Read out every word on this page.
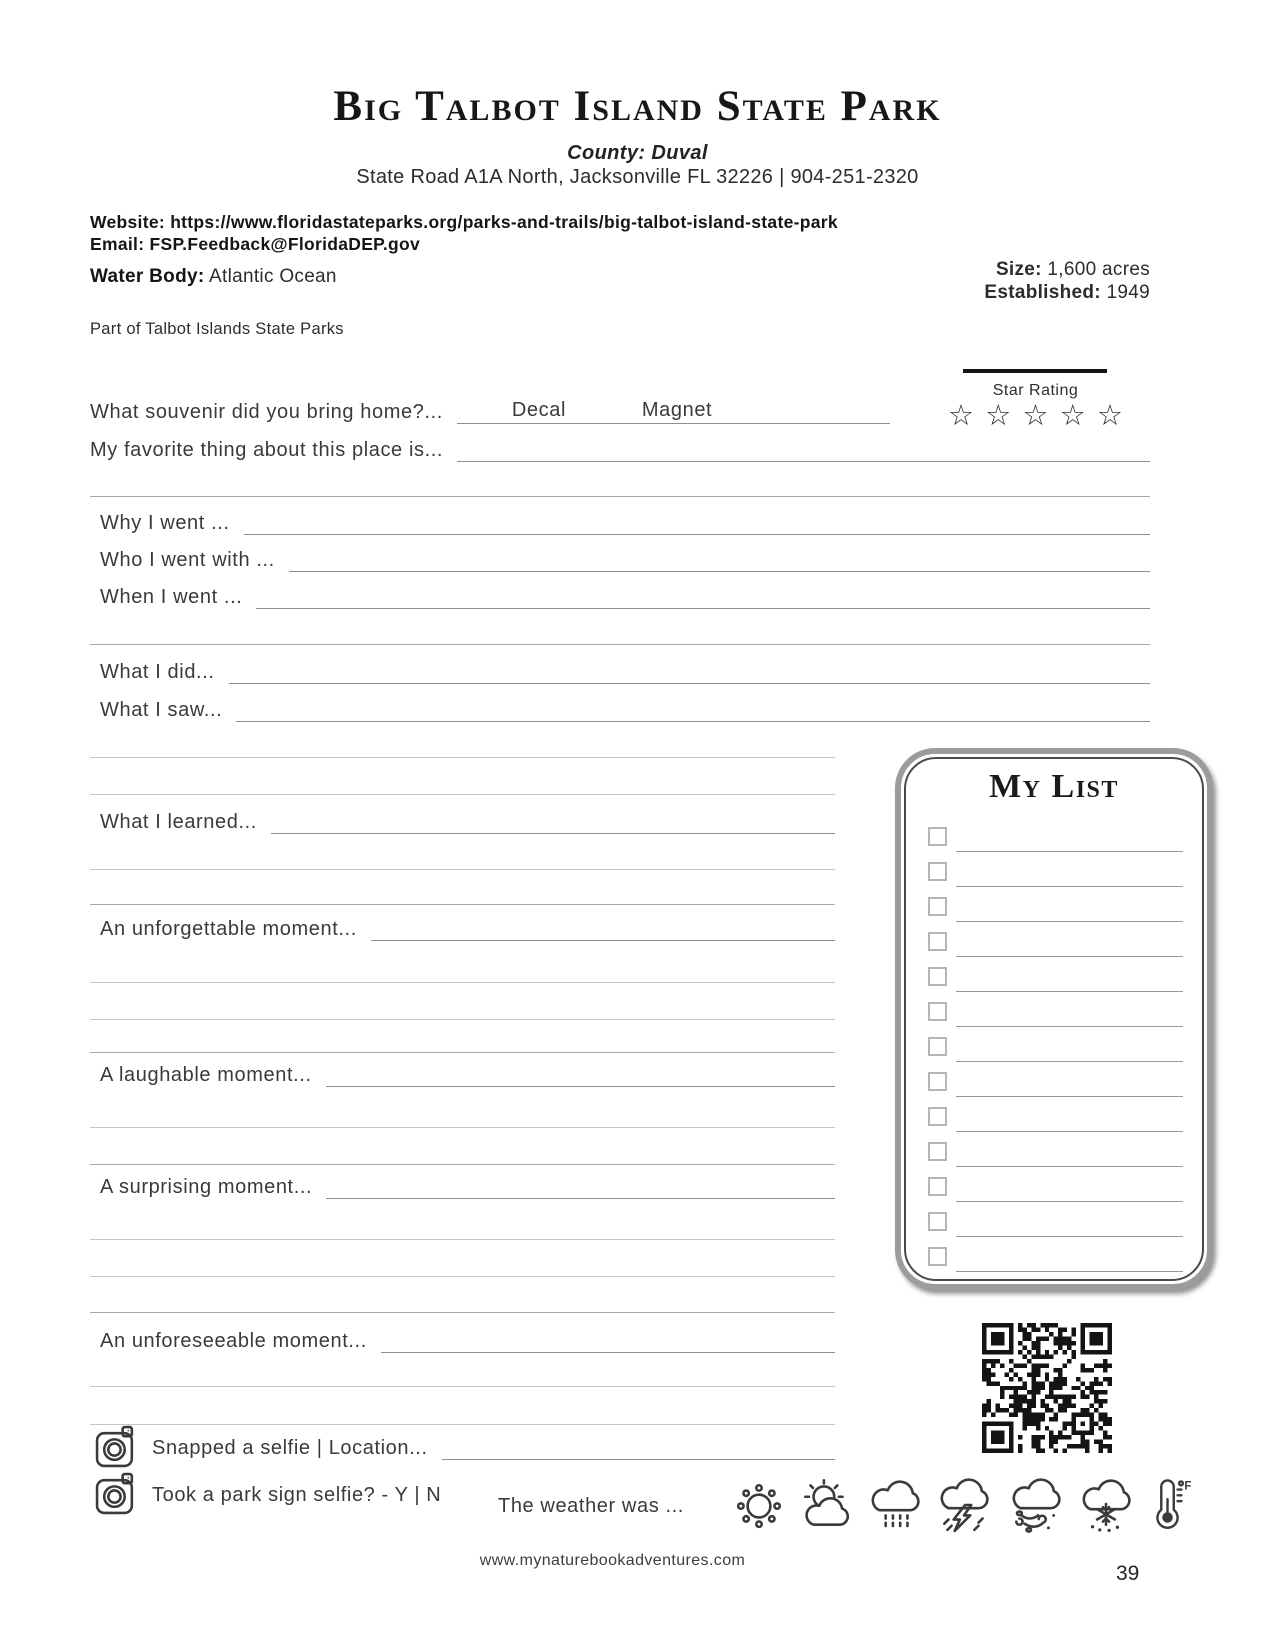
Big Talbot Island State Park
County: Duval
State Road A1A North, Jacksonville FL 32226 | 904-251-2320
Website: https://www.floridastateparks.org/parks-and-trails/big-talbot-island-state-park
Email: FSP.Feedback@FloridaDEP.gov
Water Body: Atlantic Ocean	Size: 1,600 acres
Established: 1949
Part of Talbot Islands State Parks
Star Rating
☆ ☆ ☆ ☆ ☆
What souvenir did you bring home?...	Decal	Magnet
My favorite thing about this place is...
Why I went ...
Who I went with ...
When I went ...
What I did...
What I saw...
What I learned...
An unforgettable moment...
A laughable moment...
A surprising moment...
An unforeseeable moment...
My List
Snapped a selfie | Location...
Took a park sign selfie? - Y | N	The weather was ...
F
www.mynaturebookadventures.com
39
